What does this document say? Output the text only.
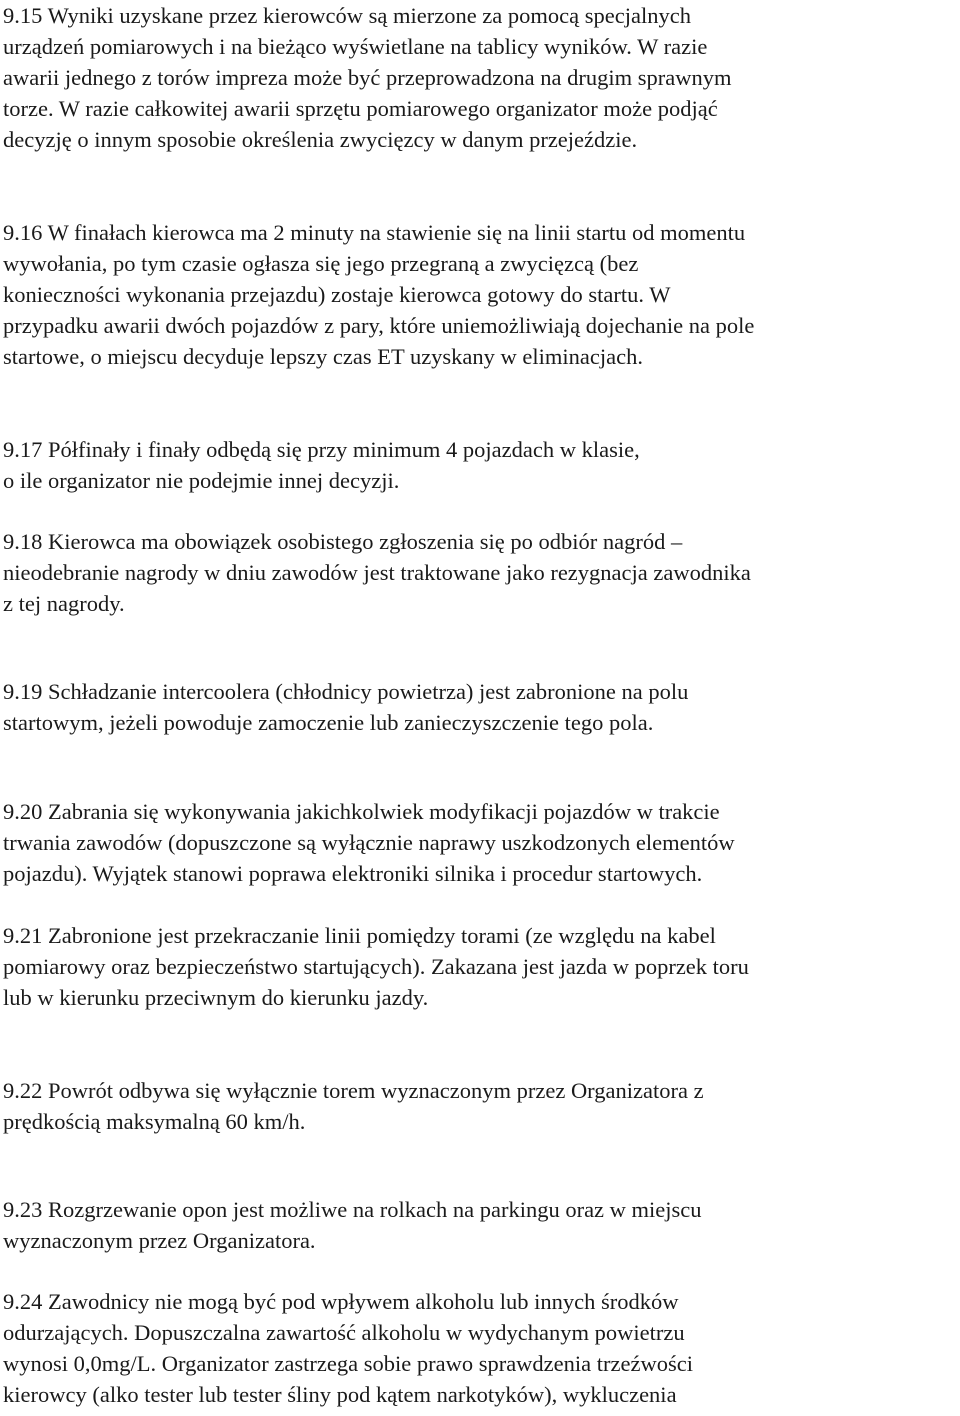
9.15 Wyniki uzyskane przez kierowców są mierzone za pomocą specjalnych
urządzeń pomiarowych i na bieżąco wyświetlane na tablicy wyników. W razie
awarii jednego z torów impreza może być przeprowadzona na drugim sprawnym
torze. W razie całkowitej awarii sprzętu pomiarowego organizator może podjąć
decyzję o innym sposobie określenia zwycięzcy w danym przejeździe.

9.16 W finałach kierowca ma 2 minuty na stawienie się na linii startu od momentu
wywołania, po tym czasie ogłasza się jego przegraną a zwycięzcą (bez
konieczności wykonania przejazdu) zostaje kierowca gotowy do startu. W
przypadku awarii dwóch pojazdów z pary, które uniemożliwiają dojechanie na pole
startowe, o miejscu decyduje lepszy czas ET uzyskany w eliminacjach.

9.17 Półfinały i finały odbędą się przy minimum 4 pojazdach w klasie,
o ile organizator nie podejmie innej decyzji.

9.18 Kierowca ma obowiązek osobistego zgłoszenia się po odbiór nagród –
nieodebranie nagrody w dniu zawodów jest traktowane jako rezygnacja zawodnika
z tej nagrody.

9.19 Schładzanie intercoolera (chłodnicy powietrza) jest zabronione na polu
startowym, jeżeli powoduje zamoczenie lub zanieczyszczenie tego pola.

9.20 Zabrania się wykonywania jakichkolwiek modyfikacji pojazdów w trakcie
trwania zawodów (dopuszczone są wyłącznie naprawy uszkodzonych elementów
pojazdu). Wyjątek stanowi poprawa elektroniki silnika i procedur startowych.

9.21 Zabronione jest przekraczanie linii pomiędzy torami (ze względu na kabel
pomiarowy oraz bezpieczeństwo startujących). Zakazana jest jazda w poprzek toru
lub w kierunku przeciwnym do kierunku jazdy.

9.22 Powrót odbywa się wyłącznie torem wyznaczonym przez Organizatora z
prędkością maksymalną 60 km/h.

9.23 Rozgrzewanie opon jest możliwe na rolkach na parkingu oraz w miejscu
wyznaczonym przez Organizatora.

9.24 Zawodnicy nie mogą być pod wpływem alkoholu lub innych środków
odurzających. Dopuszczalna zawartość alkoholu w wydychanym powietrzu
wynosi 0,0mg/L. Organizator zastrzega sobie prawo sprawdzenia trzeźwości
kierowcy (alko tester lub tester śliny pod kątem narkotyków), wykluczenia
